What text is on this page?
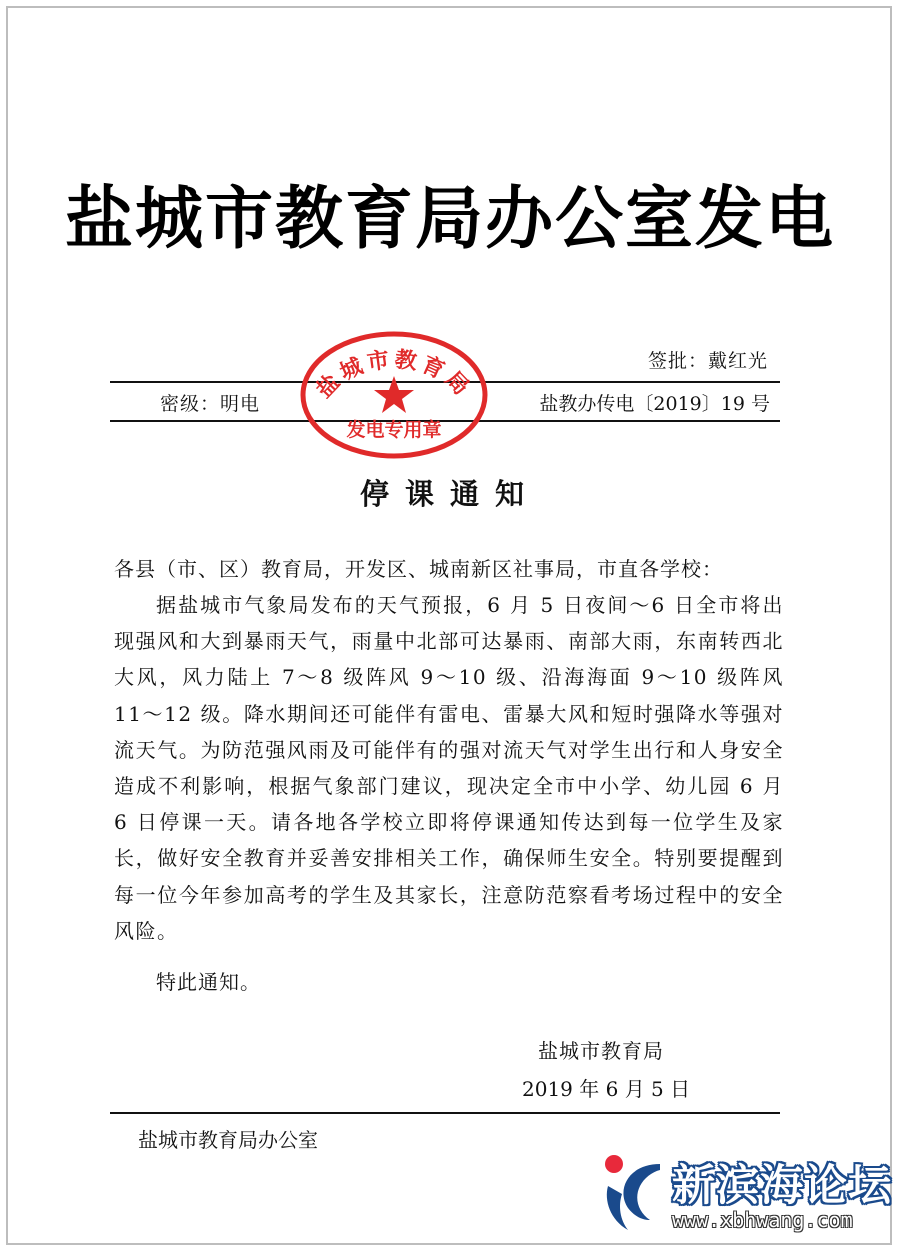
盐城市教育局办公室发电
签批：戴红光
密级：明电	盐教办传电〔2019〕19 号
盐城市教育局
发电专用章
停课通知
各县（市、区）教育局，开发区、城南新区社事局，市直各学校：

据盐城市气象局发布的天气预报，6 月 5 日夜间～6 日全市将出现强风和大到暴雨天气，雨量中北部可达暴雨、南部大雨，东南转西北大风，风力陆上 7～8 级阵风 9～10 级、沿海海面 9～10 级阵风 11～12 级。降水期间还可能伴有雷电、雷暴大风和短时强降水等强对流天气。为防范强风雨及可能伴有的强对流天气对学生出行和人身安全造成不利影响，根据气象部门建议，现决定全市中小学、幼儿园 6 月 6 日停课一天。请各地各学校立即将停课通知传达到每一位学生及家长，做好安全教育并妥善安排相关工作，确保师生安全。特别要提醒到每一位今年参加高考的学生及其家长，注意防范察看考场过程中的安全风险。

特此通知。
盐城市教育局
2019 年 6 月 5 日
盐城市教育局办公室
新滨海论坛
www.xbhwang.com
